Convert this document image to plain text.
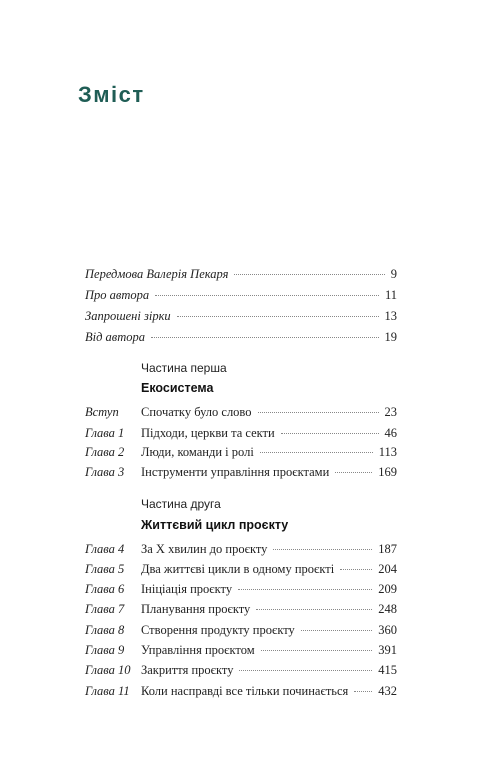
Зміст
Передмова Валерія Пекаря	9
Про автора	11
Запрошені зірки	13
Від автора	19
Частина перша
Екосистема
Вступ	Спочатку було слово	23
Глава 1	Підходи, церкви та секти	46
Глава 2	Люди, команди і ролі	113
Глава 3	Інструменти управління проєктами	169
Частина друга
Життєвий цикл проєкту
Глава 4	За Х хвилин до проєкту	187
Глава 5	Два життєві цикли в одному проєкті	204
Глава 6	Ініціація проєкту	209
Глава 7	Планування проєкту	248
Глава 8	Створення продукту проєкту	360
Глава 9	Управління проєктом	391
Глава 10 Закриття проєкту	415
Глава 11 Коли насправді все тільки починається 432
